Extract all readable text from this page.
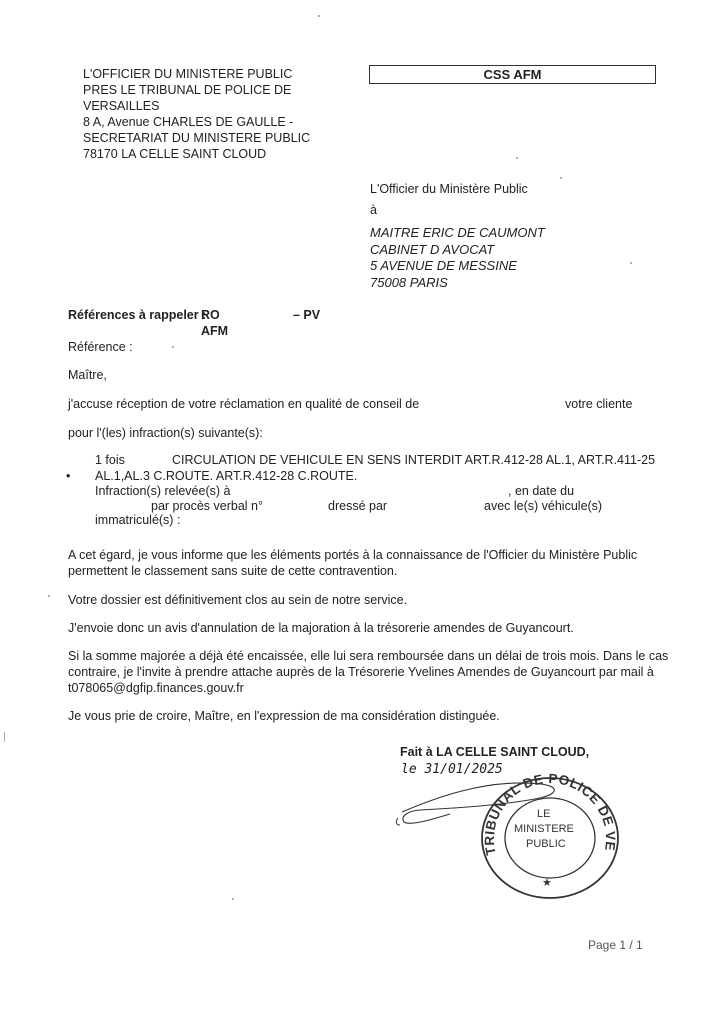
L'OFFICIER DU MINISTERE PUBLIC
PRES LE TRIBUNAL DE POLICE DE
VERSAILLES
8 A, Avenue CHARLES DE GAULLE -
SECRETARIAT DU MINISTERE PUBLIC
78170 LA CELLE SAINT CLOUD
CSS AFM
L'Officier du Ministère Public
à
MAITRE ERIC DE CAUMONT
CABINET D AVOCAT
5 AVENUE DE MESSINE
75008 PARIS
Références à rappeler :
RO	– PV
AFM
Référence :
Maître,
j'accuse réception de votre réclamation en qualité de conseil de	votre cliente
pour l'(les) infraction(s) suivante(s):
1 fois	CIRCULATION DE VEHICULE EN SENS INTERDIT ART.R.412-28 AL.1, ART.R.411-25
• AL.1,AL.3 C.ROUTE. ART.R.412-28 C.ROUTE.
Infraction(s) relevée(s) à	, en date du
par procès verbal n°	dressé par	avec le(s) véhicule(s)
immatriculé(s) :
A cet égard, je vous informe que les éléments portés à la connaissance de l'Officier du Ministère Public
permettent le classement sans suite de cette contravention.
Votre dossier est définitivement clos au sein de notre service.
J'envoie donc un avis d'annulation de la majoration à la trésorerie amendes de Guyancourt.
Si la somme majorée a déjà été encaissée, elle lui sera remboursée dans un délai de trois mois. Dans le cas
contraire, je l'invite à prendre attache auprès de la Trésorerie Yvelines Amendes de Guyancourt par mail à
t078065@dgfip.finances.gouv.fr
Je vous prie de croire, Maître, en l'expression de ma considération distinguée.
Fait à LA CELLE SAINT CLOUD,
le 31/01/2025
TRIBUNAL DE POLICE DE VE
LE
MINISTERE
PUBLIC
★
Page 1 / 1
